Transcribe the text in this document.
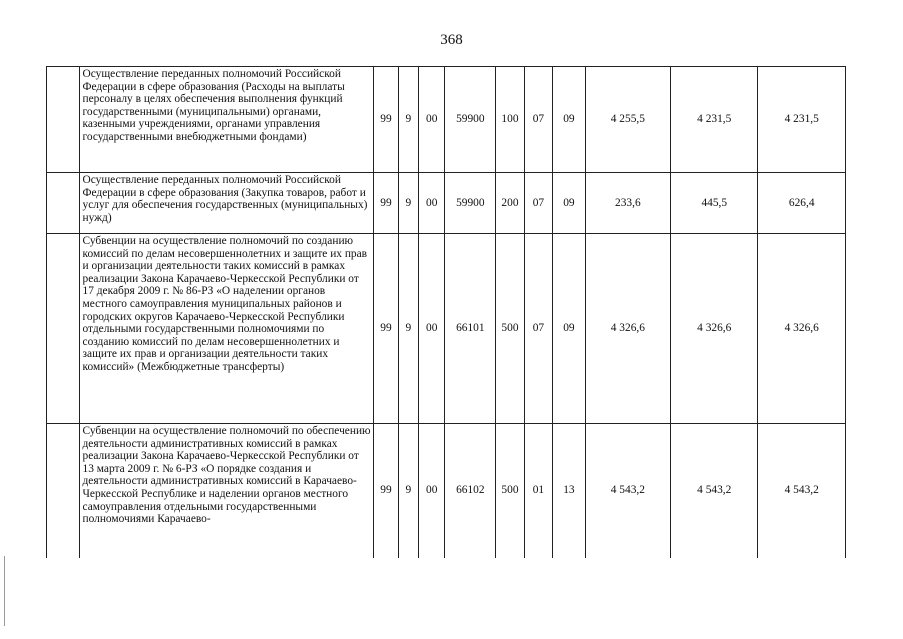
368
	Осуществление переданных полномочий Российской Федерации в сфере образования (Расходы на выплаты персоналу в целях обеспечения выполнения функций государственными (муниципальными) органами, казенными учреждениями, органами управления государственными внебюджетными фондами)	99	9	00	59900	100	07	09	4 255,5	4 231,5	4 231,5
	Осуществление переданных полномочий Российской Федерации в сфере образования (Закупка товаров, работ и услуг для обеспечения государственных (муниципальных) нужд)	99	9	00	59900	200	07	09	233,6	445,5	626,4
	Субвенции на осуществление полномочий по созданию комиссий по делам несовершеннолетних и защите их прав и организации деятельности таких комиссий в рамках реализации Закона Карачаево-Черкесской Республики от 17 декабря 2009 г. № 86-РЗ «О наделении органов местного самоуправления муниципальных районов и городских округов Карачаево-Черкесской Республики отдельными государственными полномочиями по созданию комиссий по делам несовершеннолетних и защите их прав и организации деятельности таких комиссий» (Межбюджетные трансферты)	99	9	00	66101	500	07	09	4 326,6	4 326,6	4 326,6
	Субвенции на осуществление полномочий по обеспечению деятельности административных комиссий в рамках реализации Закона Карачаево-Черкесской Республики от 13 марта 2009 г. № 6-РЗ «О порядке создания и деятельности административных комиссий в Карачаево-Черкесской Республике и наделении органов местного самоуправления отдельными государственными полномочиями Карачаево-	99	9	00	66102	500	01	13	4 543,2	4 543,2	4 543,2
